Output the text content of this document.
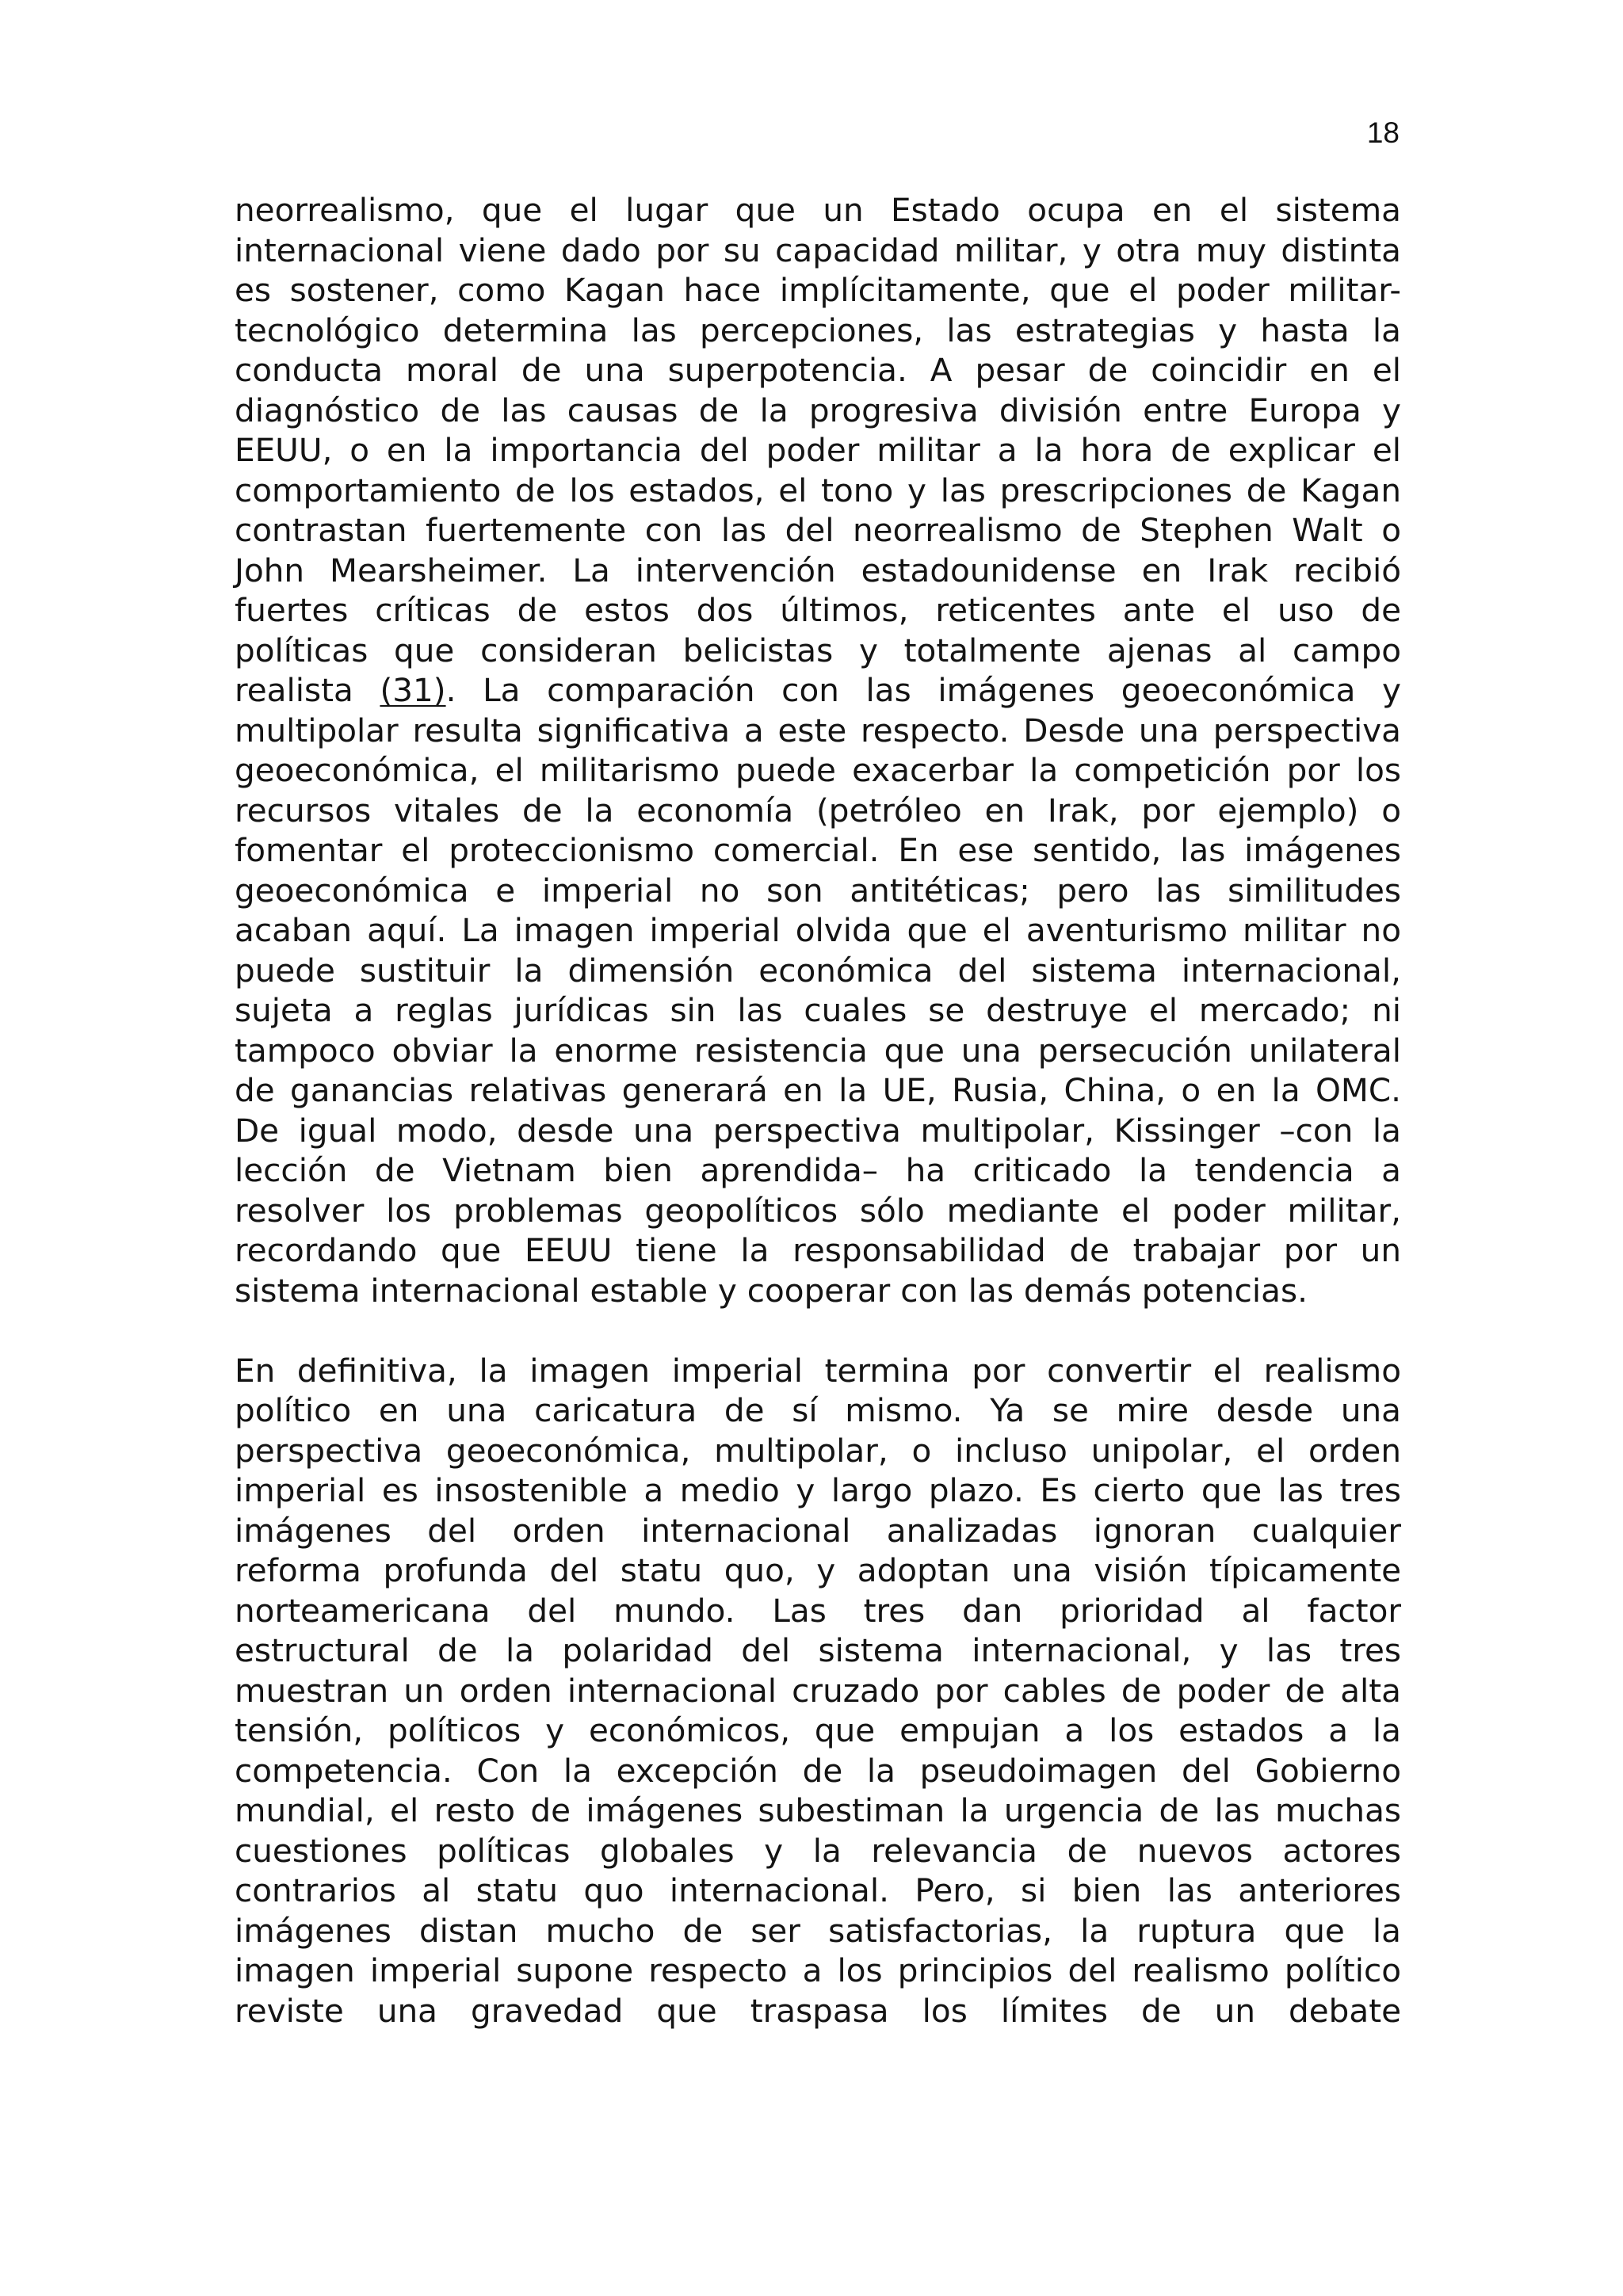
18
neorrealismo, que el lugar que un Estado ocupa en el sistema
internacional viene dado por su capacidad militar, y otra muy distinta
es sostener, como Kagan hace implícitamente, que el poder militar-
tecnológico determina las percepciones, las estrategias y hasta la
conducta moral de una superpotencia. A pesar de coincidir en el
diagnóstico de las causas de la progresiva división entre Europa y
EEUU, o en la importancia del poder militar a la hora de explicar el
comportamiento de los estados, el tono y las prescripciones de Kagan
contrastan fuertemente con las del neorrealismo de Stephen Walt o
John Mearsheimer. La intervención estadounidense en Irak recibió
fuertes críticas de estos dos últimos, reticentes ante el uso de
políticas que consideran belicistas y totalmente ajenas al campo
realista (31). La comparación con las imágenes geoeconómica y
multipolar resulta significativa a este respecto. Desde una perspectiva
geoeconómica, el militarismo puede exacerbar la competición por los
recursos vitales de la economía (petróleo en Irak, por ejemplo) o
fomentar el proteccionismo comercial. En ese sentido, las imágenes
geoeconómica e imperial no son antitéticas; pero las similitudes
acaban aquí. La imagen imperial olvida que el aventurismo militar no
puede sustituir la dimensión económica del sistema internacional,
sujeta a reglas jurídicas sin las cuales se destruye el mercado; ni
tampoco obviar la enorme resistencia que una persecución unilateral
de ganancias relativas generará en la UE, Rusia, China, o en la OMC.
De igual modo, desde una perspectiva multipolar, Kissinger –con la
lección de Vietnam bien aprendida– ha criticado la tendencia a
resolver los problemas geopolíticos sólo mediante el poder militar,
recordando que EEUU tiene la responsabilidad de trabajar por un
sistema internacional estable y cooperar con las demás potencias.
En definitiva, la imagen imperial termina por convertir el realismo
político en una caricatura de sí mismo. Ya se mire desde una
perspectiva geoeconómica, multipolar, o incluso unipolar, el orden
imperial es insostenible a medio y largo plazo. Es cierto que las tres
imágenes del orden internacional analizadas ignoran cualquier
reforma profunda del statu quo, y adoptan una visión típicamente
norteamericana del mundo. Las tres dan prioridad al factor
estructural de la polaridad del sistema internacional, y las tres
muestran un orden internacional cruzado por cables de poder de alta
tensión, políticos y económicos, que empujan a los estados a la
competencia. Con la excepción de la pseudoimagen del Gobierno
mundial, el resto de imágenes subestiman la urgencia de las muchas
cuestiones políticas globales y la relevancia de nuevos actores
contrarios al statu quo internacional. Pero, si bien las anteriores
imágenes distan mucho de ser satisfactorias, la ruptura que la
imagen imperial supone respecto a los principios del realismo político
reviste una gravedad que traspasa los límites de un debate
